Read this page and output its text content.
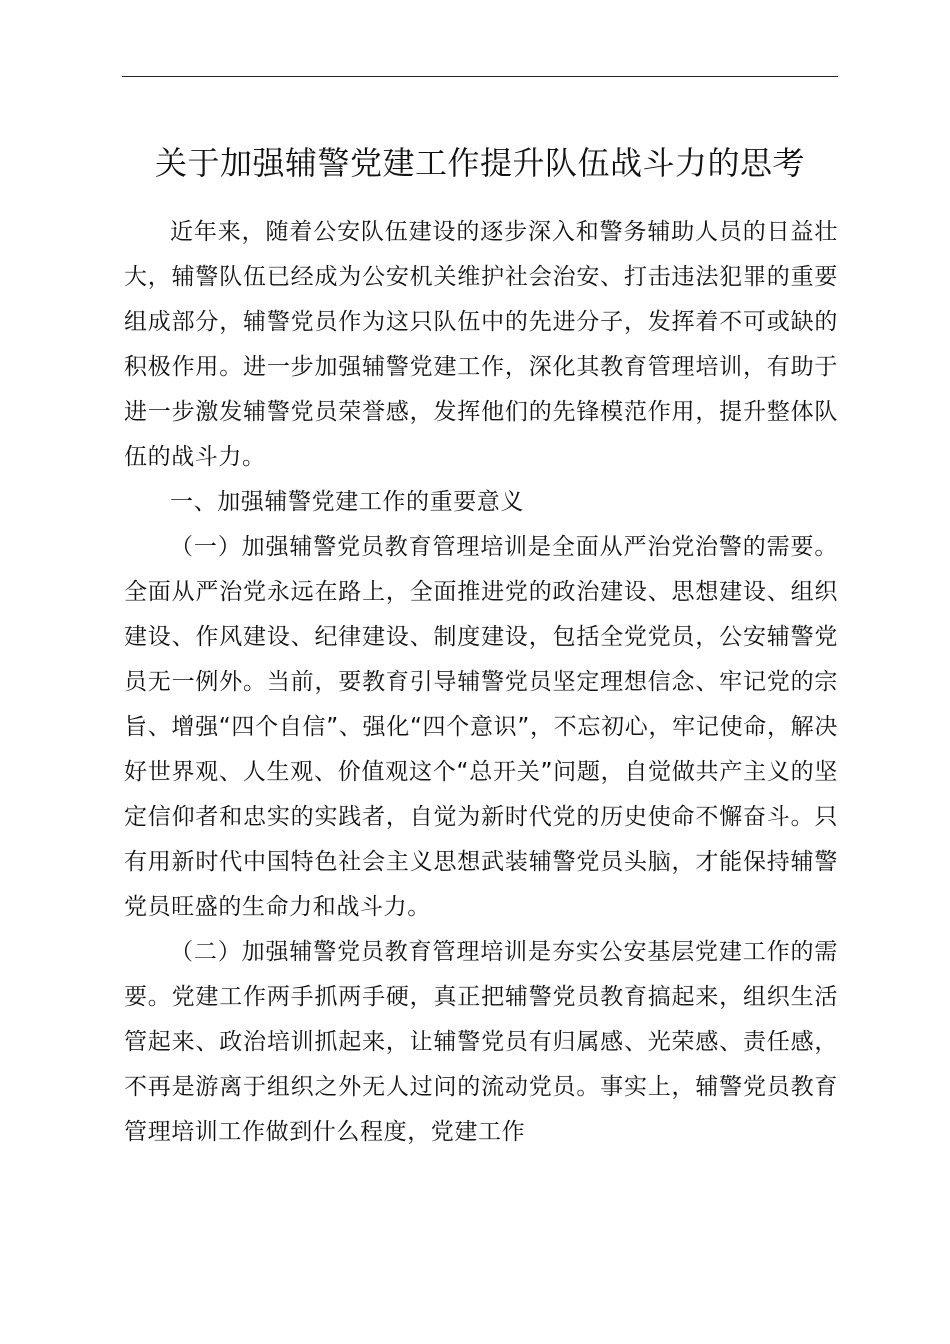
关于加强辅警党建工作提升队伍战斗力的思考

近年来，随着公安队伍建设的逐步深入和警务辅助人员的日益壮大，辅警队伍已经成为公安机关维护社会治安、打击违法犯罪的重要组成部分，辅警党员作为这只队伍中的先进分子，发挥着不可或缺的积极作用。进一步加强辅警党建工作，深化其教育管理培训，有助于进一步激发辅警党员荣誉感，发挥他们的先锋模范作用，提升整体队伍的战斗力。

一、加强辅警党建工作的重要意义

（一）加强辅警党员教育管理培训是全面从严治党治警的需要。全面从严治党永远在路上，全面推进党的政治建设、思想建设、组织建设、作风建设、纪律建设、制度建设，包括全党党员，公安辅警党员无一例外。当前，要教育引导辅警党员坚定理想信念、牢记党的宗旨、增强“四个自信”、强化“四个意识”，不忘初心，牢记使命，解决好世界观、人生观、价值观这个“总开关”问题，自觉做共产主义的坚定信仰者和忠实的实践者，自觉为新时代党的历史使命不懈奋斗。只有用新时代中国特色社会主义思想武装辅警党员头脑，才能保持辅警党员旺盛的生命力和战斗力。

（二）加强辅警党员教育管理培训是夯实公安基层党建工作的需要。党建工作两手抓两手硬，真正把辅警党员教育搞起来，组织生活管起来、政治培训抓起来，让辅警党员有归属感、光荣感、责任感，不再是游离于组织之外无人过问的流动党员。事实上，辅警党员教育管理培训工作做到什么程度，党建工作
